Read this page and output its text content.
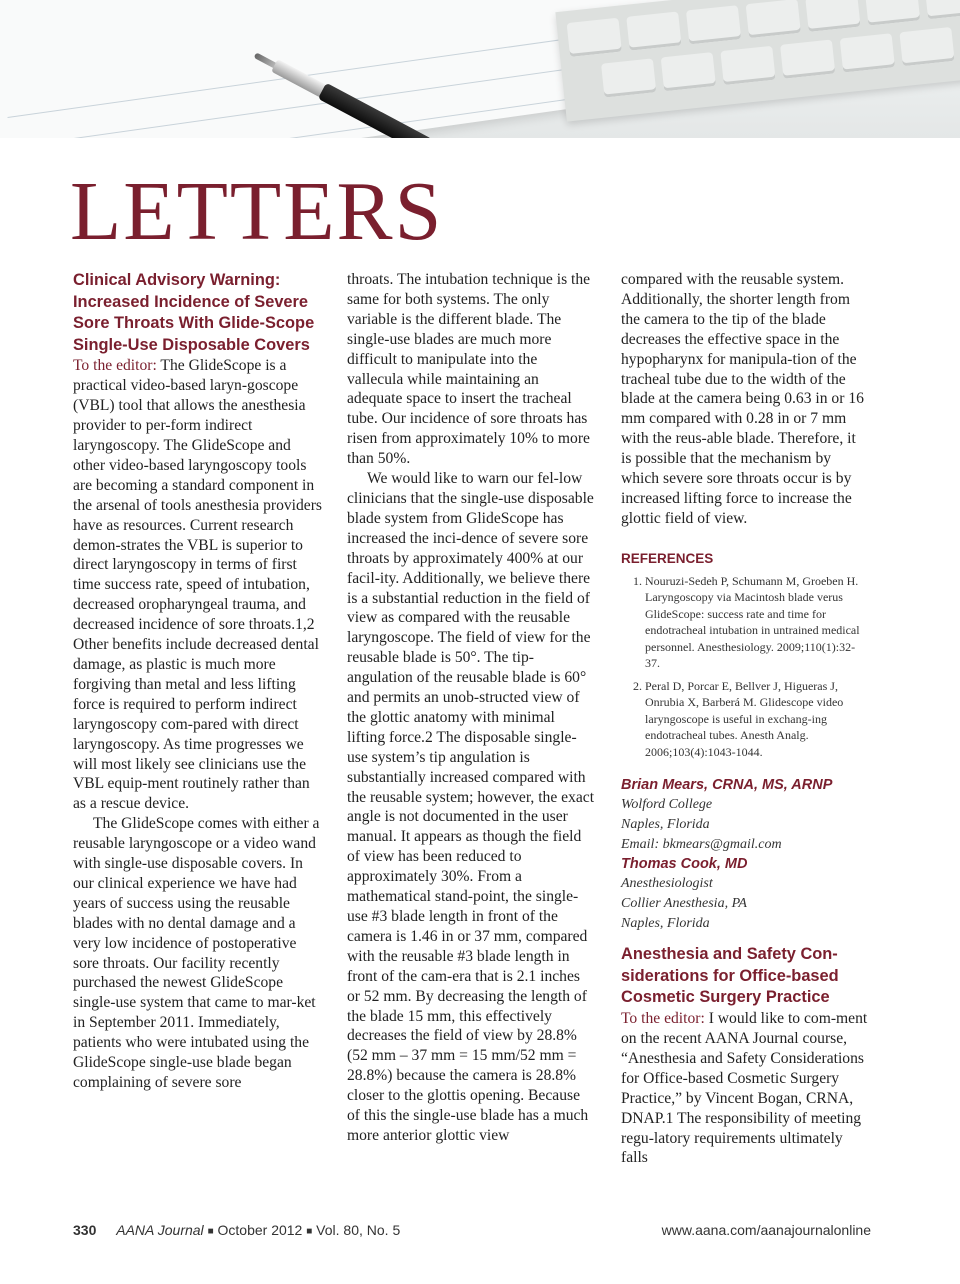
LETTERS
Clinical Advisory Warning: Increased Incidence of Severe Sore Throats With Glide-Scope Single-Use Disposable Covers

To the editor: The GlideScope is a practical video-based laryn-goscope (VBL) tool that allows the anesthesia provider to per-form indirect laryngoscopy. The GlideScope and other video-based laryngoscopy tools are becoming a standard component in the arsenal of tools anesthesia providers have as resources. Current research demon-strates the VBL is superior to direct laryngoscopy in terms of first time success rate, speed of intubation, decreased oropharyngeal trauma, and decreased incidence of sore throats.1,2 Other benefits include decreased dental damage, as plastic is much more forgiving than metal and less lifting force is required to perform indirect laryngoscopy com-pared with direct laryngoscopy. As time progresses we will most likely see clinicians use the VBL equip-ment routinely rather than as a rescue device.

The GlideScope comes with either a reusable laryngoscope or a video wand with single-use disposable covers. In our clinical experience we have had years of success using the reusable blades with no dental damage and a very low incidence of postoperative sore throats. Our facility recently purchased the newest GlideScope single-use system that came to mar-ket in September 2011. Immediately, patients who were intubated using the GlideScope single-use blade began complaining of severe sore

throats. The intubation technique is the same for both systems. The only variable is the different blade. The single-use blades are much more difficult to manipulate into the vallecula while maintaining an adequate space to insert the tracheal tube. Our incidence of sore throats has risen from approximately 10% to more than 50%.

We would like to warn our fel-low clinicians that the single-use disposable blade system from GlideScope has increased the inci-dence of severe sore throats by approximately 400% at our facil-ity. Additionally, we believe there is a substantial reduction in the field of view as compared with the reusable laryngoscope. The field of view for the reusable blade is 50°. The tip-angulation of the reusable blade is 60° and permits an unob-structed view of the glottic anatomy with minimal lifting force.2 The disposable single-use system’s tip angulation is substantially increased compared with the reusable system; however, the exact angle is not documented in the user manual. It appears as though the field of view has been reduced to approximately 30%. From a mathematical stand-point, the single-use #3 blade length in front of the camera is 1.46 in or 37 mm, compared with the reusable #3 blade length in front of the cam-era that is 2.1 inches or 52 mm. By decreasing the length of the blade 15 mm, this effectively decreases the field of view by 28.8% (52 mm – 37 mm = 15 mm/52 mm = 28.8%) because the camera is 28.8% closer to the glottis opening. Because of this the single-use blade has a much more anterior glottic view

compared with the reusable system. Additionally, the shorter length from the camera to the tip of the blade decreases the effective space in the hypopharynx for manipula-tion of the tracheal tube due to the width of the blade at the camera being 0.63 in or 16 mm compared with 0.28 in or 7 mm with the reus-able blade. Therefore, it is possible that the mechanism by which severe sore throats occur is by increased lifting force to increase the glottic field of view.

REFERENCES
1. Nouruzi-Sedeh P, Schumann M, Groeben H. Laryngoscopy via Macintosh blade verus GlideScope: success rate and time for endotracheal intubation in untrained medical personnel. Anesthesiology. 2009;110(1):32-37.
2. Peral D, Porcar E, Bellver J, Higueras J, Onrubia X, Barberá M. Glidescope video laryngoscope is useful in exchang-ing endotracheal tubes. Anesth Analg. 2006;103(4):1043-1044.
Brian Mears, CRNA, MS, ARNP
Wolford College
Naples, Florida
Email: bkmears@gmail.com
Thomas Cook, MD
Anesthesiologist
Collier Anesthesia, PA
Naples, Florida
Anesthesia and Safety Con-siderations for Office-based Cosmetic Surgery Practice

To the editor: I would like to com-ment on the recent AANA Journal course, “Anesthesia and Safety Considerations for Office-based Cosmetic Surgery Practice,” by Vincent Bogan, CRNA, DNAP.1 The responsibility of meeting regu-latory requirements ultimately falls

330 AANA Journal ■ October 2012 ■ Vol. 80, No. 5	www.aana.com/aanajournalonline
